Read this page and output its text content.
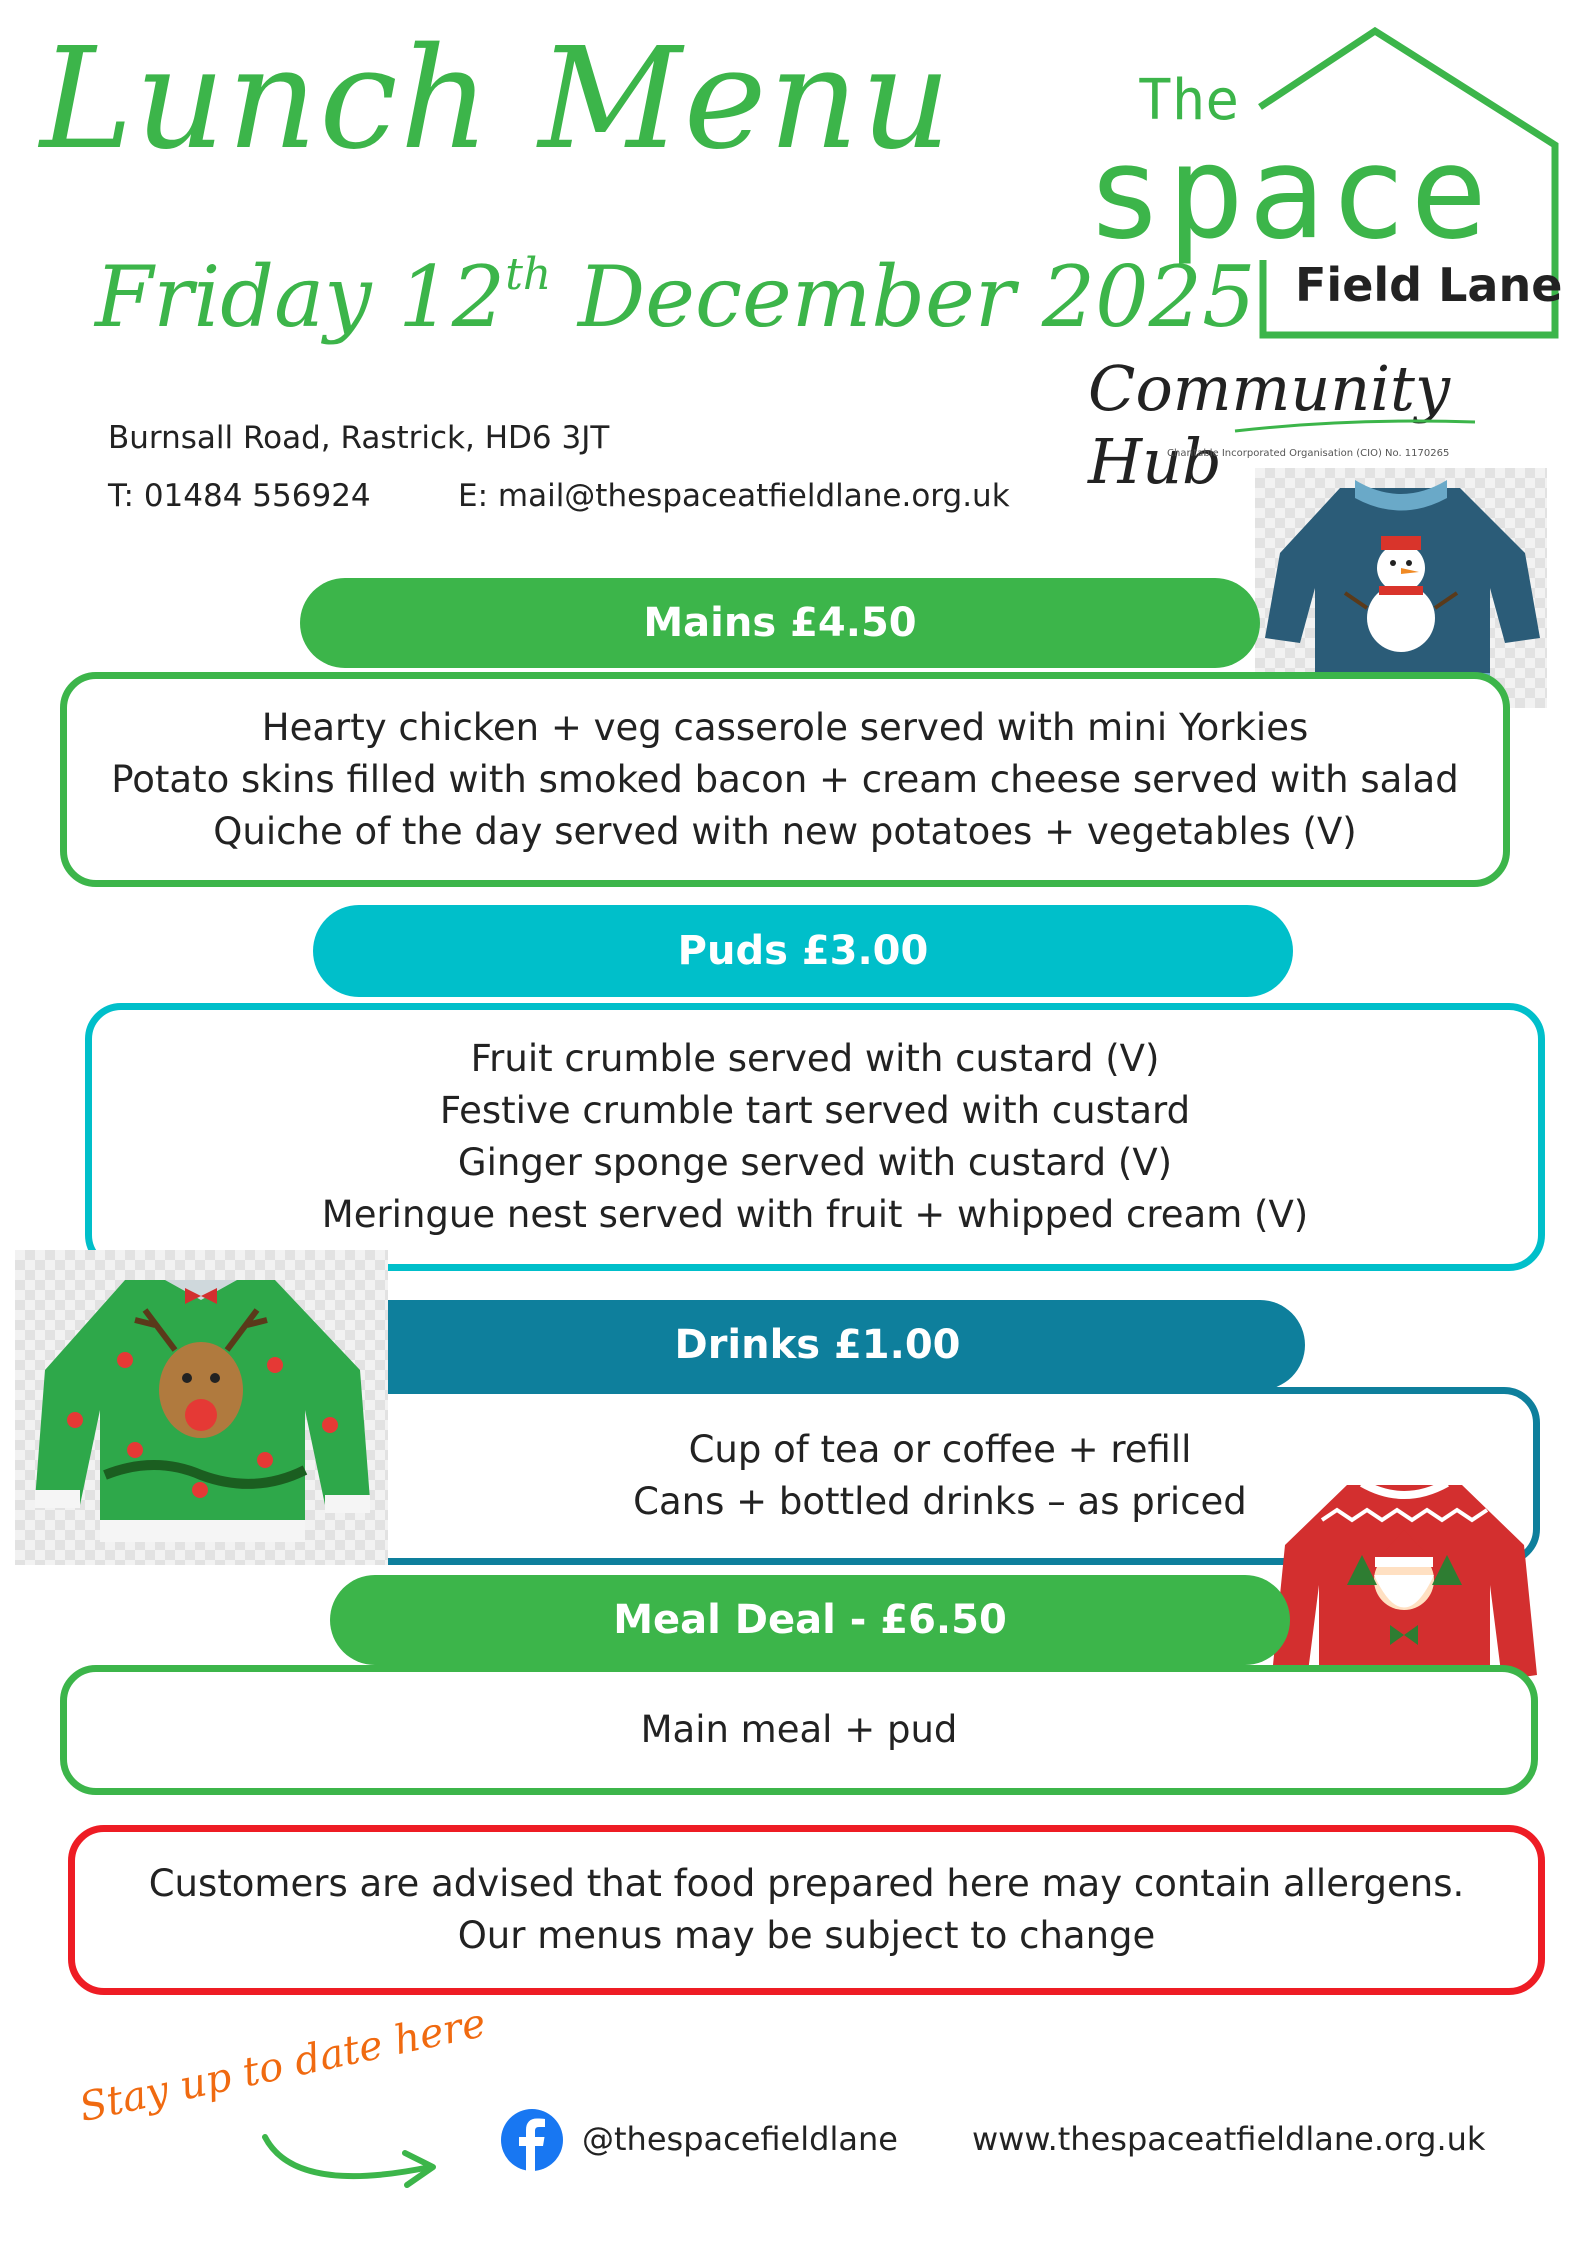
Lunch Menu
Friday 12th December 2025
The
space
Field Lane
Community Hub
Charitable Incorporated Organisation (CIO) No. 1170265
Burnsall Road, Rastrick, HD6 3JT
T: 01484 556924	E: mail@thespaceatfieldlane.org.uk
Mains £4.50
Hearty chicken + veg casserole served with mini Yorkies
Potato skins filled with smoked bacon + cream cheese served with salad
Quiche of the day served with new potatoes + vegetables (V)
Puds £3.00
Fruit crumble served with custard (V)
Festive crumble tart served with custard
Ginger sponge served with custard (V)
Meringue nest served with fruit + whipped cream (V)
Drinks £1.00
Cup of tea or coffee + refill
Cans + bottled drinks – as priced
Meal Deal - £6.50
Main meal + pud
Customers are advised that food prepared here may contain allergens.
Our menus may be subject to change
Stay up to date here
@thespacefieldlane www.thespaceatfieldlane.org.uk
